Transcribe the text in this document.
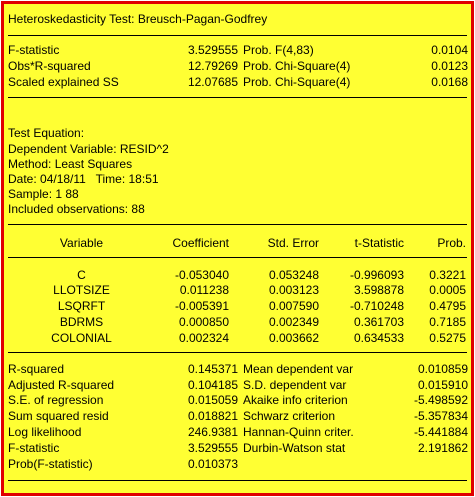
Heteroskedasticity Test: Breusch-Pagan-Godfrey
F-statistic	3.529555 Prob. F(4,83)	0.0104
Obs*R-squared	12.79269 Prob. Chi-Square(4)	0.0123
Scaled explained SS	12.07685 Prob. Chi-Square(4)	0.0168
Test Equation:
Dependent Variable: RESID^2
Method: Least Squares
Date: 04/18/11   Time: 18:51
Sample: 1 88
Included observations: 88
Variable	Coefficient	Std. Error	t-Statistic	Prob.
C	-0.053040	0.053248	-0.996093	0.3221
LLOTSIZE	0.011238	0.003123	3.598878	0.0005
LSQRFT	-0.005391	0.007590	-0.710248	0.4795
BDRMS	0.000850	0.002349	0.361703	0.7185
COLONIAL	0.002324	0.003662	0.634533	0.5275
R-squared	0.145371 Mean dependent var	0.010859
Adjusted R-squared	0.104185 S.D. dependent var	0.015910
S.E. of regression	0.015059 Akaike info criterion	-5.498592
Sum squared resid	0.018821 Schwarz criterion	-5.357834
Log likelihood	246.9381 Hannan-Quinn criter.	-5.441884
F-statistic	3.529555 Durbin-Watson stat	2.191862
Prob(F-statistic)	0.010373
